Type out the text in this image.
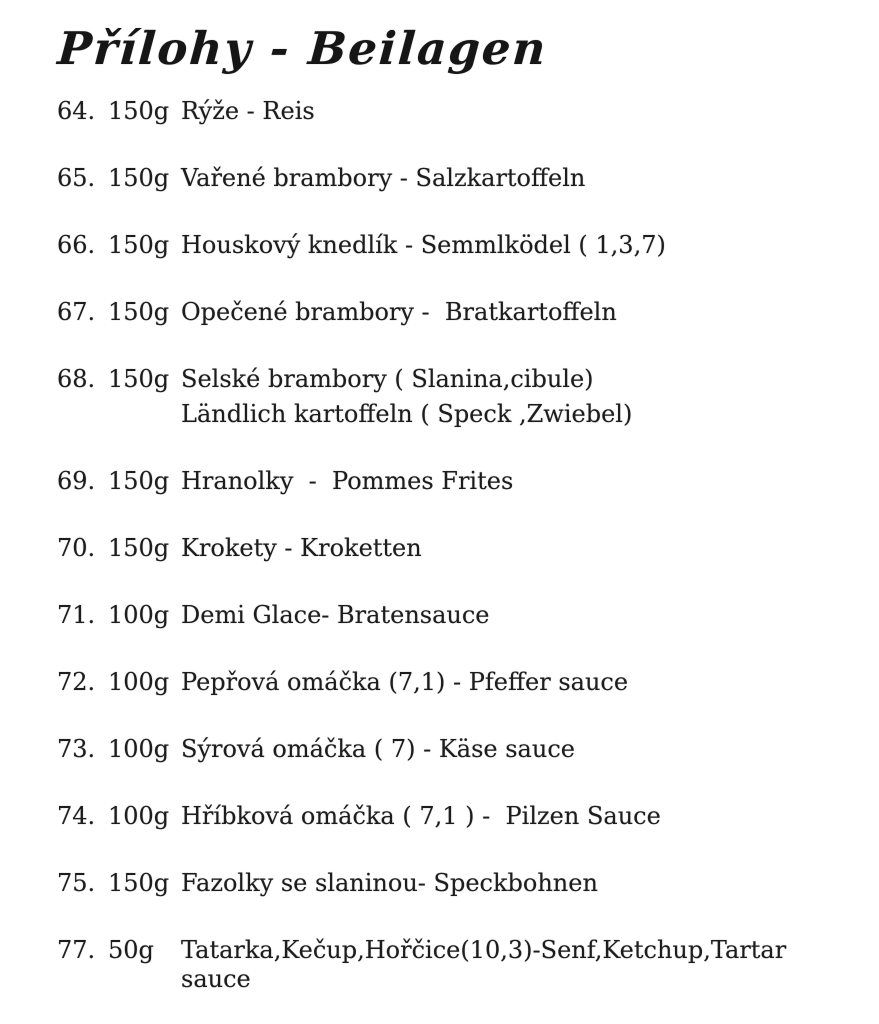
Přílohy - Beilagen
64. 150g Rýže - Reis
65. 150g Vařené brambory - Salzkartoffeln
66. 150g Houskový knedlík - Semmlködel ( 1,3,7)
67. 150g Opečené brambory -  Bratkartoffeln
68. 150g Selské brambory ( Slanina,cibule)
Ländlich kartoffeln ( Speck ,Zwiebel)
69. 150g Hranolky  -  Pommes Frites
70. 150g Krokety - Kroketten
71. 100g Demi Glace- Bratensauce
72. 100g Pepřová omáčka (7,1) - Pfeffer sauce
73. 100g Sýrová omáčka ( 7) - Käse sauce
74. 100g Hříbková omáčka ( 7,1 ) -  Pilzen Sauce
75. 150g Fazolky se slaninou- Speckbohnen
77. 50g	Tatarka,Kečup,Hořčice(10,3)-Senf,Ketchup,Tartar sauce
